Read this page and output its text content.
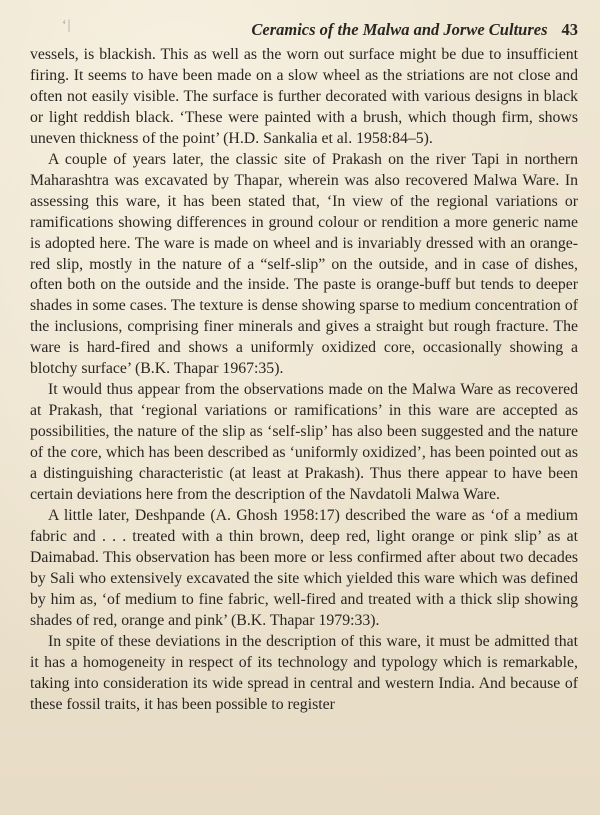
‘|	Ceramics of the Malwa and Jorwe Cultures 43

vessels, is blackish. This as well as the worn out surface might be due to insufficient firing. It seems to have been made on a slow wheel as the striations are not close and often not easily visible. The surface is further decorated with various designs in black or light reddish black. ‘These were painted with a brush, which though firm, shows uneven thickness of the point’ (H.D. Sankalia et al. 1958:84–5).

A couple of years later, the classic site of Prakash on the river Tapi in northern Maharashtra was excavated by Thapar, wherein was also recovered Malwa Ware. In assessing this ware, it has been stated that, ‘In view of the regional variations or ramifications showing differences in ground colour or rendition a more generic name is adopted here. The ware is made on wheel and is invariably dressed with an orange-red slip, mostly in the nature of a “self-slip” on the outside, and in case of dishes, often both on the outside and the inside. The paste is orange-buff but tends to deeper shades in some cases. The texture is dense showing sparse to medium concentration of the inclusions, comprising finer minerals and gives a straight but rough fracture. The ware is hard-fired and shows a uniformly oxidized core, occasionally showing a blotchy surface’ (B.K. Thapar 1967:35).

It would thus appear from the observations made on the Malwa Ware as recovered at Prakash, that ‘regional variations or ramifications’ in this ware are accepted as possibilities, the nature of the slip as ‘self-slip’ has also been suggested and the nature of the core, which has been described as ‘uniformly oxidized’, has been pointed out as a distinguishing characteristic (at least at Prakash). Thus there appear to have been certain deviations here from the description of the Navdatoli Malwa Ware.

A little later, Deshpande (A. Ghosh 1958:17) described the ware as ‘of a medium fabric and . . . treated with a thin brown, deep red, light orange or pink slip’ as at Daimabad. This observation has been more or less confirmed after about two decades by Sali who extensively excavated the site which yielded this ware which was defined by him as, ‘of medium to fine fabric, well-fired and treated with a thick slip showing shades of red, orange and pink’ (B.K. Thapar 1979:33).

In spite of these deviations in the description of this ware, it must be admitted that it has a homogeneity in respect of its technology and typology which is remarkable, taking into consideration its wide spread in central and western India. And because of these fossil traits, it has been possible to register
